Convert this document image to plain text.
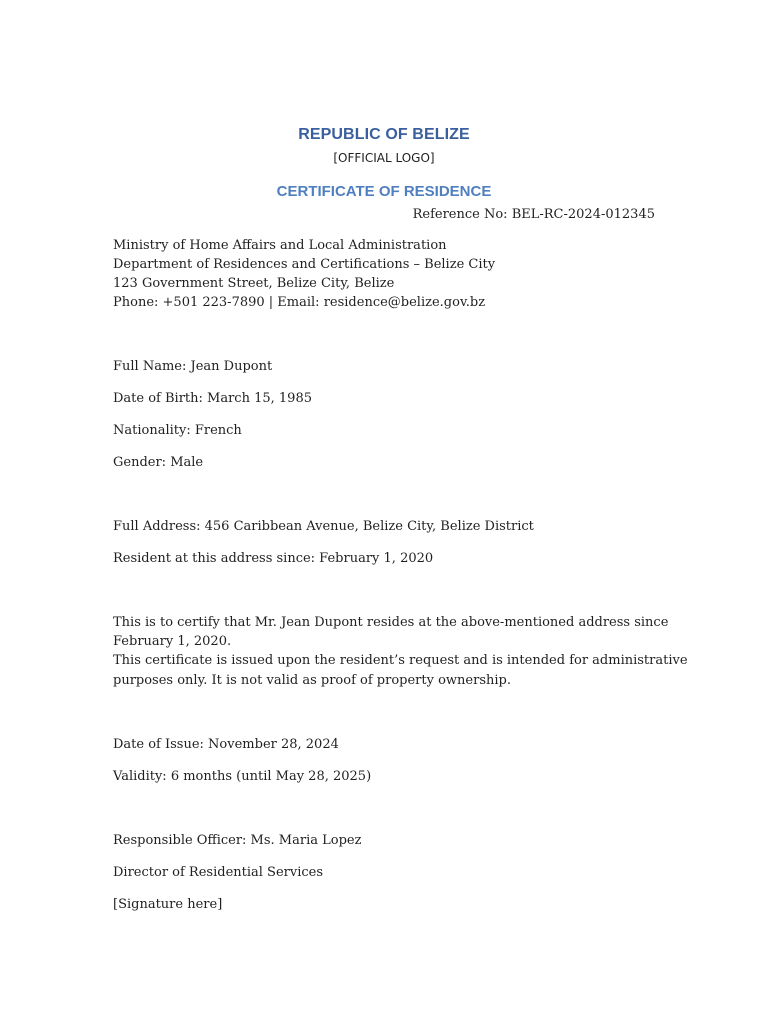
REPUBLIC OF BELIZE
[OFFICIAL LOGO]
CERTIFICATE OF RESIDENCE
Reference No: BEL-RC-2024-012345
Ministry of Home Affairs and Local Administration
Department of Residences and Certifications – Belize City
123 Government Street, Belize City, Belize
Phone: +501 223-7890 | Email: residence@belize.gov.bz
Full Name: Jean Dupont
Date of Birth: March 15, 1985
Nationality: French
Gender: Male
Full Address: 456 Caribbean Avenue, Belize City, Belize District
Resident at this address since: February 1, 2020
This is to certify that Mr. Jean Dupont resides at the above-mentioned address since
February 1, 2020.
This certificate is issued upon the resident’s request and is intended for administrative
purposes only. It is not valid as proof of property ownership.
Date of Issue: November 28, 2024
Validity: 6 months (until May 28, 2025)
Responsible Officer: Ms. Maria Lopez
Director of Residential Services
[Signature here]
